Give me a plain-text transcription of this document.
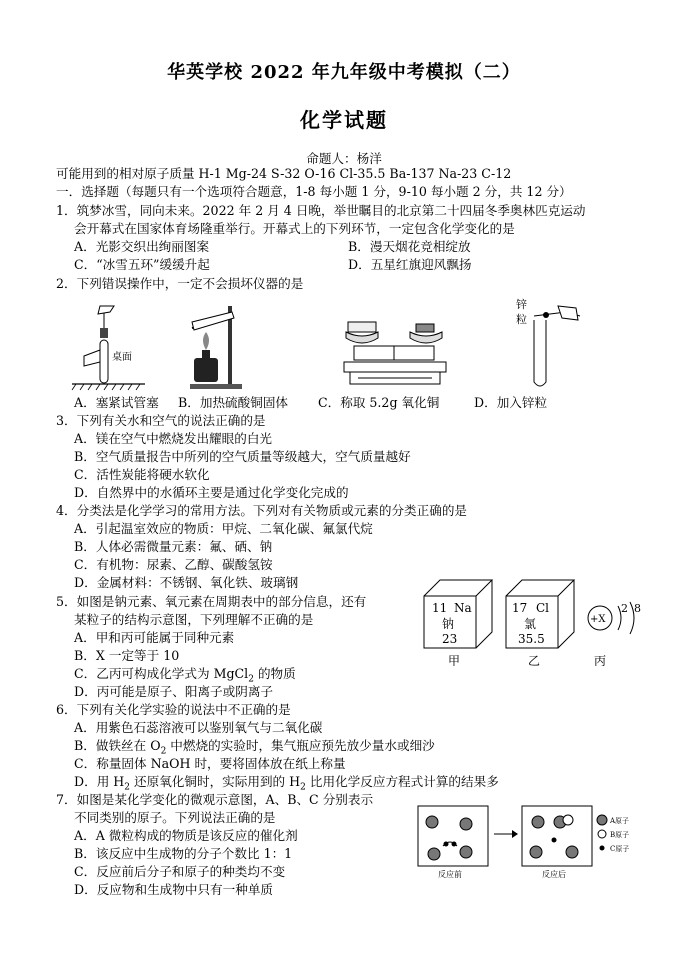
华英学校 2022 年九年级中考模拟（二）
化学试题
命题人：杨洋
可能用到的相对原子质量 H-1 Mg-24 S-32 O-16 Cl-35.5 Ba-137 Na-23 C-12
一．选择题（每题只有一个选项符合题意，1-8 每小题 1 分，9-10 每小题 2 分，共 12 分）
1．筑梦冰雪，同向未来。2022 年 2 月 4 日晚，举世瞩目的北京第二十四届冬季奥林匹克运动
会开幕式在国家体育场隆重举行。开幕式上的下列环节，一定包含化学变化的是
A．光影交织出绚丽图案	B．漫天烟花竞相绽放
C．“冰雪五环”缓缓升起	D．五星红旗迎风飘扬
2．下列错误操作中，一定不会损坏仪器的是
桌面
锌
粒
A．塞紧试管塞 B．加热硫酸铜固体 C．称取 5.2g 氧化铜	D．加入锌粒
3．下列有关水和空气的说法正确的是
A．镁在空气中燃烧发出耀眼的白光
B．空气质量报告中所列的空气质量等级越大，空气质量越好
C．活性炭能将硬水软化
D．自然界中的水循环主要是通过化学变化完成的
4．分类法是化学学习的常用方法。下列对有关物质或元素的分类正确的是
A．引起温室效应的物质：甲烷、二氧化碳、氟氯代烷
B．人体必需微量元素：氟、硒、钠
C．有机物：尿素、乙醇、碳酸氢铵
D．金属材料：不锈钢、氧化铁、玻璃钢
5．如图是钠元素、氧元素在周期表中的部分信息，还有
某粒子的结构示意图，下列理解不正确的是
A．甲和丙可能属于同种元素
B．X 一定等于 10
C．乙丙可构成化学式为 MgCl$_2$ 的物质
D．丙可能是原子、阳离子或阴离子
11 Na
钠
23
甲
17 Cl
氯
35.5
乙
+X
2 8
丙
6．下列有关化学实验的说法中不正确的是
A．用紫色石蕊溶液可以鉴别氧气与二氧化碳
B．做铁丝在 $O_2$ 中燃烧的实验时，集气瓶应预先放少量水或细沙
C．称量固体 NaOH 时，要将固体放在纸上称量
D．用 $H_2$ 还原氧化铜时，实际用到的 $H_2$ 比用化学反应方程式计算的结果多
7．如图是某化学变化的微观示意图，A、B、C 分别表示
不同类别的原子。下列说法正确的是
A．A 微粒构成的物质是该反应的催化剂
B．该反应中生成物的分子个数比 1：1
C．反应前后分子和原子的种类均不变
D．反应物和生成物中只有一种单质
反应前	反应后
A原子
B原子
C原子
